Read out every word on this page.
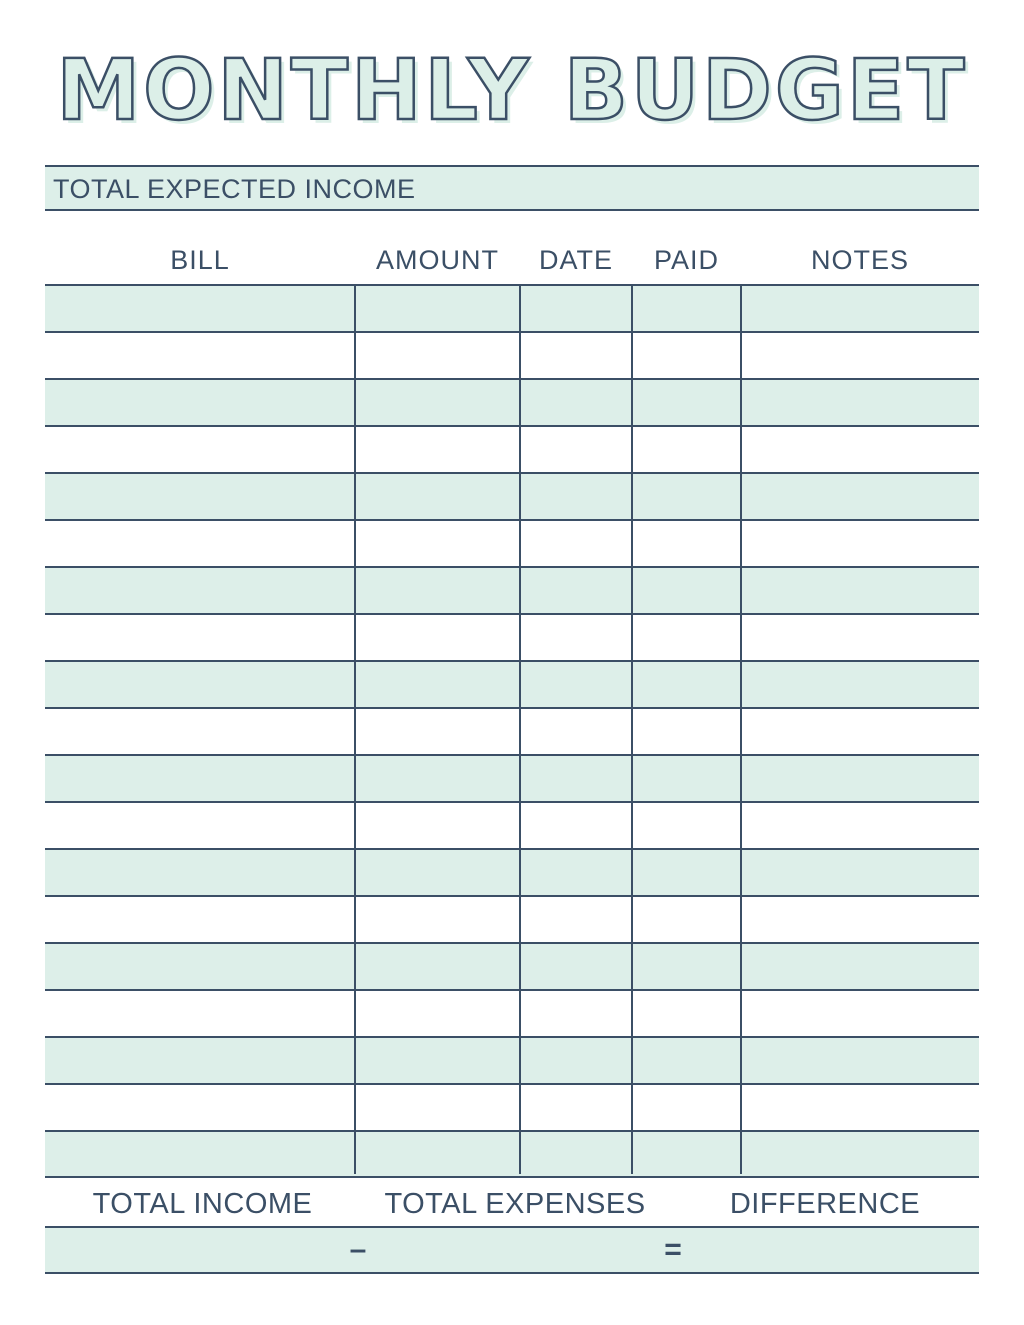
MONTHLY BUDGET
TOTAL EXPECTED INCOME
BILL	AMOUNT	DATE	PAID	NOTES
TOTAL INCOME	TOTAL EXPENSES	DIFFERENCE
–	=
